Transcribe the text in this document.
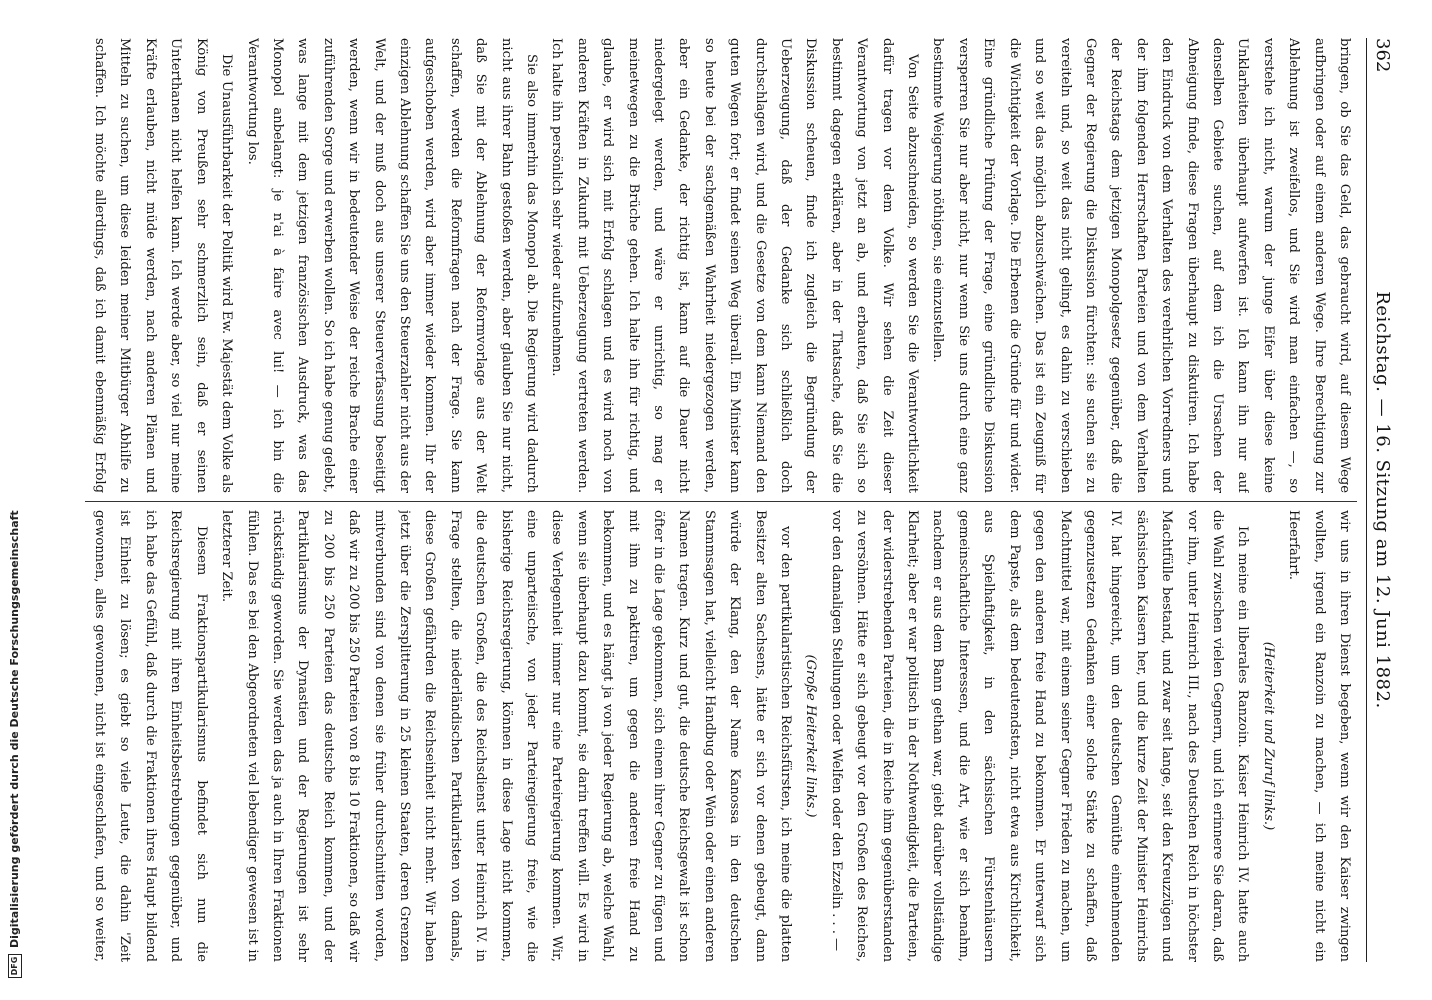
DFGDigitalisierung gefördert durch die Deutsche Forschungsgemeinschaft
362
Reichstag. — 16. Sitzung am 12. Juni 1882.

bringen, ob Sie das Geld, das gebraucht wird, auf diesem Wege aufbringen oder auf einem anderen Wege. Ihre Berechtigung zur Ablehnung ist zweifellos, und Sie wird man einfachen —, so verstehe ich nicht, warum der junge Eifer über diese keine Unklarheiten überhaupt aufwerfen ist. Ich kann ihn nur auf denselben Gebiete suchen, auf dem ich die Ursachen der Abneigung finde, diese Fragen überhaupt zu diskutiren. Ich habe den Eindruck von dem Verhalten des verehrlichen Vorredners und der ihm folgenden Herrschaften Parteien und von dem Verhalten der Reichstags dem jetzigen Monopolgesetz gegenüber, daß die Gegner der Regierung die Diskussion fürchten: sie suchen sie zu vereiteln und, so weit das nicht gelingt, es dahin zu verschieben und so weit das möglich abzuschwächen. Das ist ein Zeugniß für die Wichtigkeit der Vorlage. Die Erbenen die Gründe für und wider. Eine gründliche Prüfung der Frage, eine gründliche Diskussion versperren Sie nur aber nicht, nur wenn Sie uns durch eine ganz bestimmte Weigerung nöthigen, sie einzustellen.

Von Seite abzuschneiden, so werden Sie die Verantwortlichkeit dafür tragen vor dem Volke. Wir sehen die Zeit dieser Verantwortung von jetzt an ab, und erbauten, daß Sie sich so bestimmt dagegen erklären, aber in der Thatsache, daß Sie die Diskussion scheuen, finde ich zugleich die Begründung der Ueberzeugung, daß der Gedanke sich schließlich doch durchschlagen wird, und die Gesetze von dem kann Niemand den guten Wegen fort; er findet seinen Weg überall. Ein Minister kann so heute bei der sachgemäßen Wahrheit niedergezogen werden, aber ein Gedanke, der richtig ist, kann auf die Dauer nicht niedergelegt werden, und wäre er unrichtig, so mag er meinetwegen zu die Brüche gehen. Ich halte ihn für richtig, und glaube, er wird sich mit Erfolg schlagen und es wird noch von anderen Kräften in Zukunft mit Ueberzeugung vertreten werden. Ich halte ihn persönlich sehr wieder aufzunehmen.

Sie also immerhin das Monopol ab. Die Regierung wird dadurch nicht aus ihrer Bahn gestoßen werden, aber glauben Sie nur nicht, daß Sie mit der Ablehnung der Reformvorlage aus der Welt schaffen, werden die Reformfragen nach der Frage. Sie kann aufgeschoben werden, wird aber immer wieder kommen. Ihr der einzigen Ablehnung schaffen Sie uns den Steuerzahler nicht aus der Welt, und der muß doch aus unserer Steuerverfassung beseitigt werden, wenn wir in bedeutender Weise der reiche Brache einer zuführenden Sorge und erwerben wollen. So ich habe genug gelebt, was lange mit dem jetzigen französischen Ausdruck, was das Monopol anbelangt: je n'ai à faire avec lui! — ich bin die Verantwortung los.

Die Unausführbarkeit der Politik wird Ew. Majestät dem Volke als König von Preußen sehr schmerzlich sein, daß er seinen Unterthanen nicht helfen kann. Ich werde aber, so viel nur meine Kräfte erlauben, nicht müde werden, nach anderen Plänen und Mitteln zu suchen, um diese leiden meiner Mitbürger Abhilfe zu schaffen. Ich möchte allerdings, daß ich damit ebenmäßig Erfolg

wir uns in ihren Dienst begeben, wenn wir den Kaiser zwingen wollten, irgend ein Ranzoin zu machen, — ich meine nicht ein Heerfahrt.

(Heiterkeit und Zuruf links.)

Ich meine ein liberales Ranzoin. Kaiser Heinrich IV. hatte auch die Wahl zwischen vielen Gegnern, und ich erinnere Sie daran, daß vor ihm, unter Heinrich III., nach des Deutschen Reich in höchster Machtfülle bestand, und zwar seit lange, seit den Kreuzzügen und sächsischen Kaisern her, und die kurze Zeit der Minister Heinrichs IV. hat hingereicht, um den deutschen Gemüthe einnehmenden gegenzusetzen Gedanken einer solche Stärke zu schaffen, daß Machtmittel war, mit einem seiner Gegner Frieden zu machen, um gegen den anderen freie Hand zu bekommen. Er unterwarf sich dem Papste, als dem bedeutendsten, nicht etwa aus Kirchlichkeit, aus Spielhaftigkeit, in den sächsischen Fürstenhäusern gemeinschaftliche Interessen, und die Art, wie er sich benahm, nachdem er aus dem Bann gethan war, giebt darüber vollständige Klarheit; aber er war politisch in der Nothwendigkeit, die Parteien, der widerstrebenden Parteien, die in Reiche ihm gegenüberstanden zu versöhnen. Hätte er sich gebeugt vor den Großen des Reiches, vor den damaligen Stellungen oder Welfen oder den Ezzelin . . . —

(Große Heiterkeit links.)

vor den partikularistischen Reichsfürsten, ich meine die platten Besitzer alten Sachsens, hätte er sich vor denen gebeugt, dann würde der Klang, den der Name Kanossa in den deutschen Stammsagen hat, vielleicht Handbug oder Wein oder einen anderen Namen tragen. Kurz und gut, die deutsche Reichsgewalt ist schon öfter in die Lage gekommen, sich einem ihrer Gegner zu fügen und mit ihm zu paktiren, um gegen die anderen freie Hand zu bekommen, und es hängt ja von jeder Regierung ab, welche Wahl, wenn sie überhaupt dazu kommt, sie darin treffen will. Es wird in diese Verlegenheit immer nur eine Parteiregierung kommen. Wir, eine unparteiische, von jeder Parteiregierung freie, wie die bisherige Reichsregierung, können in diese Lage nicht kommen, die deutschen Großen, die des Reichsdienst unter Heinrich IV. in Frage stellten, die niederländischen Partikularisten von damals, diese Großen gefährden die Reichseinheit nicht mehr. Wir haben jetzt über die Zersplitterung in 25 kleinen Staaten, deren Grenzen mitverbunden sind von denen sie früher durchschnitten worden, daß wir zu 200 bis 250 Parteien von 8 bis 10 Fraktionen, so daß wir zu 200 bis 250 Parteien das deutsche Reich kommen, und der Partikularismus der Dynastien und der Regierungen ist sehr rückständig geworden. Sie werden das ja auch in Ihren Fraktionen fühlen. Das es bei den Abgeordneten viel lebendiger gewesen ist in letzterer Zeit.

Diesem Fraktionspartikularismus befindet sich nun die Reichsregierung mit ihren Einheitsbestrebungen gegenüber, und ich habe das Gefühl, daß durch die Fraktionen ihres Haupt bildend ist Einheit zu lösen; es giebt so viele Leute, die dahin 'Zeit gewonnen, alles gewonnen, nicht ist eingeschlafen, und so weiter,
